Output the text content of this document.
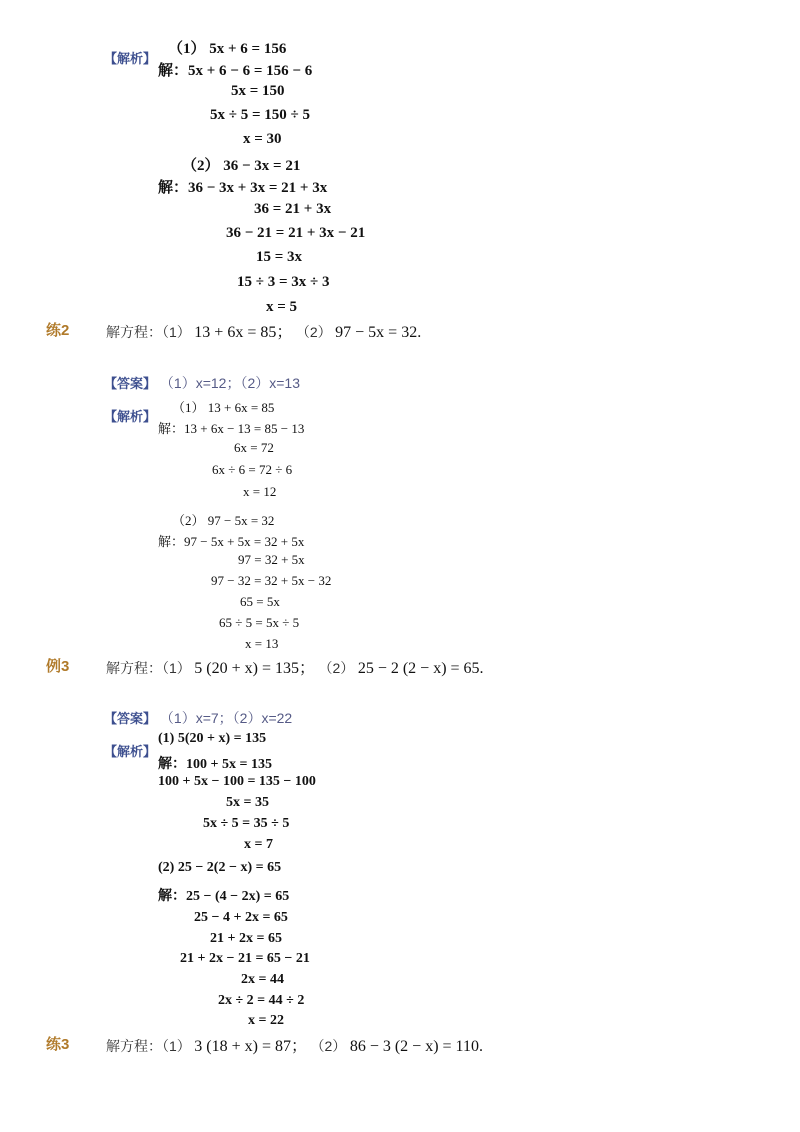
【解析】
（1） 5x + 6 = 156
解：5x + 6 − 6 = 156 − 6
5x = 150
5x ÷ 5 = 150 ÷ 5
x = 30
（2） 36 − 3x = 21
解：36 − 3x + 3x = 21 + 3x
36 = 21 + 3x
36 − 21 = 21 + 3x − 21
15 = 3x
15 ÷ 3 = 3x ÷ 3
x = 5
练2	解方程：（1） 13 + 6x = 85； （2） 97 − 5x = 32.
【答案】 （1）x=12；（2）x=13
【解析】
（1） 13 + 6x = 85
解：13 + 6x − 13 = 85 − 13
6x = 72
6x ÷ 6 = 72 ÷ 6
x = 12
（2） 97 − 5x = 32
解：97 − 5x + 5x = 32 + 5x
97 = 32 + 5x
97 − 32 = 32 + 5x − 32
65 = 5x
65 ÷ 5 = 5x ÷ 5
x = 13
例3	解方程：（1） 5 (20 + x) = 135； （2） 25 − 2 (2 − x) = 65.
【答案】 （1）x=7；（2）x=22
【解析】
(1) 5(20 + x) = 135
解：100 + 5x = 135
100 + 5x − 100 = 135 − 100
5x = 35
5x ÷ 5 = 35 ÷ 5
x = 7
(2) 25 − 2(2 − x) = 65
解：25 − (4 − 2x) = 65
25 − 4 + 2x = 65
21 + 2x = 65
21 + 2x − 21 = 65 − 21
2x = 44
2x ÷ 2 = 44 ÷ 2
x = 22
练3	解方程：（1） 3 (18 + x) = 87； （2） 86 − 3 (2 − x) = 110.
